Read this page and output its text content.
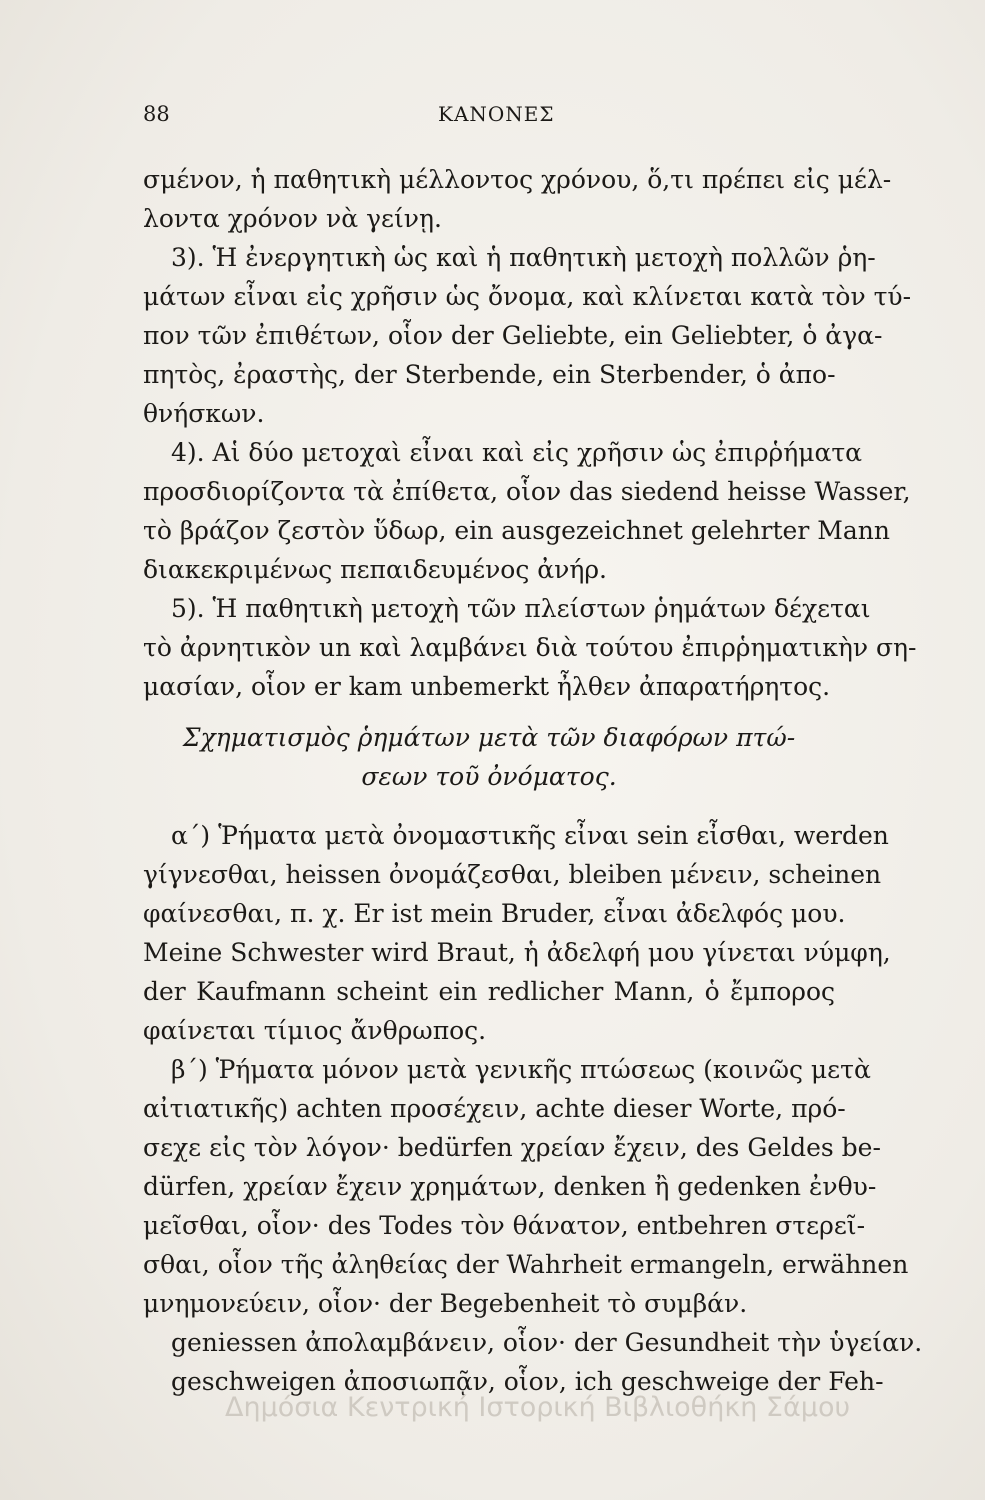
88	ΚΑΝΟΝΕΣ
σμένον, ἡ παθητικὴ μέλλοντος χρόνου, ὅ,τι πρέπει εἰς μέλ-
λοντα χρόνον νὰ γείνῃ.
3). Ἡ ἐνεργητικὴ ὡς καὶ ἡ παθητικὴ μετοχὴ πολλῶν ῥη-
μάτων εἶναι εἰς χρῆσιν ὡς ὄνομα, καὶ κλίνεται κατὰ τὸν τύ-
πον τῶν ἐπιθέτων, οἷον der Geliebte, ein Geliebter, ὁ ἀγα-
πητὸς, ἐραστὴς, der Sterbende, ein Sterbender, ὁ ἀπο-
θνήσκων.
4). Αἱ δύο μετοχαὶ εἶναι καὶ εἰς χρῆσιν ὡς ἐπιρῥήματα
προσδιορίζοντα τὰ ἐπίθετα, οἷον das siedend heisse Wasser,
τὸ βράζον ζεστὸν ὕδωρ, ein ausgezeichnet gelehrter Mann
διακεκριμένως πεπαιδευμένος ἀνήρ.
5). Ἡ παθητικὴ μετοχὴ τῶν πλείστων ῥημάτων δέχεται
τὸ ἀρνητικὸν un καὶ λαμβάνει διὰ τούτου ἐπιρῥηματικὴν ση-
μασίαν, οἷον er kam unbemerkt ἦλθεν ἀπαρατήρητος.
Σχηματισμὸς ῥημάτων μετὰ τῶν διαφόρων πτώ-
σεων τοῦ ὀνόματος.
α΄) Ῥήματα μετὰ ὀνομαστικῆς εἶναι sein εἶσθαι, werden
γίγνεσθαι, heissen ὀνομάζεσθαι, bleiben μένειν, scheinen
φαίνεσθαι, π. χ. Er ist mein Bruder, εἶναι ἀδελφός μου.
Meine Schwester wird Braut, ἡ ἀδελφή μου γίνεται νύμφη,
der Kaufmann scheint ein redlicher Mann, ὁ ἔμπορος
φαίνεται τίμιος ἄνθρωπος.
β΄) Ῥήματα μόνον μετὰ γενικῆς πτώσεως (κοινῶς μετὰ
αἰτιατικῆς) achten προσέχειν, achte dieser Worte, πρό-
σεχε εἰς τὸν λόγον· bedürfen χρείαν ἔχειν, des Geldes be-
dürfen, χρείαν ἔχειν χρημάτων, denken ἢ gedenken ἐνθυ-
μεῖσθαι, οἷον· des Todes τὸν θάνατον, entbehren στερεῖ-
σθαι, οἷον τῆς ἀληθείας der Wahrheit ermangeln, erwähnen
μνημονεύειν, οἷον· der Begebenheit τὸ συμβάν.
geniessen ἀπολαμβάνειν, οἷον· der Gesundheit τὴν ὑγείαν.
geschweigen ἀποσιωπᾷν, οἷον, ich geschweige der Feh-
Δημόσια Κεντρική Ιστορική Βιβλιοθήκη Σάμου
